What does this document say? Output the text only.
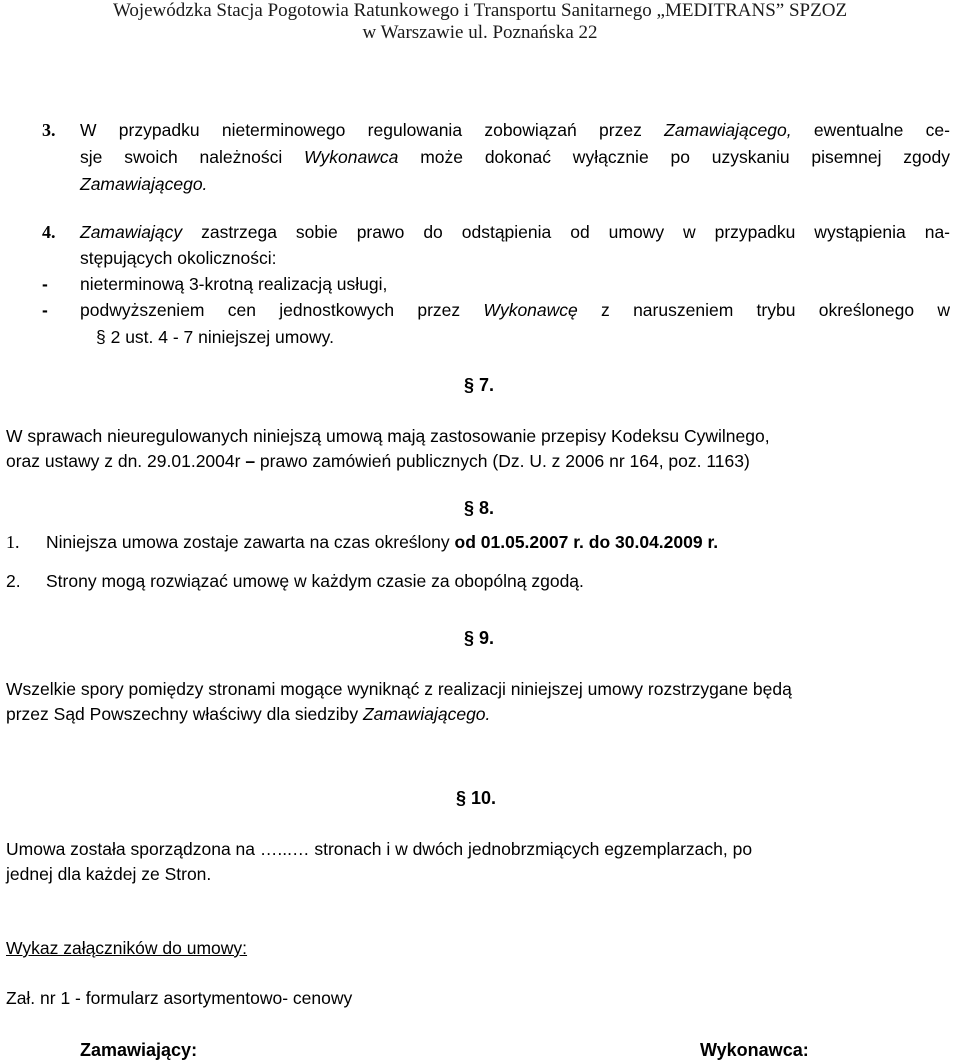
Wojewódzka Stacja Pogotowia Ratunkowego i Transportu Sanitarnego „MEDITRANS” SPZOZ
w Warszawie ul. Poznańska 22
3. W przypadku nieterminowego regulowania zobowiązań przez Zamawiającego, ewentualne ce-
sje swoich należności Wykonawca może dokonać wyłącznie po uzyskaniu pisemnej zgody
Zamawiającego.
4. Zamawiający zastrzega sobie prawo do odstąpienia od umowy w przypadku wystąpienia na-
stępujących okoliczności:
- nieterminową 3-krotną realizacją usługi,
- podwyższeniem cen jednostkowych przez Wykonawcę z naruszeniem trybu określonego w
§ 2 ust. 4 - 7 niniejszej umowy.
§ 7.
W sprawach nieuregulowanych niniejszą umową mają zastosowanie przepisy Kodeksu Cywilnego,
oraz ustawy z dn. 29.01.2004r – prawo zamówień publicznych (Dz. U. z 2006 nr 164, poz. 1163)
§ 8.
1. Niniejsza umowa zostaje zawarta na czas określony od 01.05.2007 r. do 30.04.2009 r.
2. Strony mogą rozwiązać umowę w każdym czasie za obopólną zgodą.
§ 9.
Wszelkie spory pomiędzy stronami mogące wyniknąć z realizacji niniejszej umowy rozstrzygane będą
przez Sąd Powszechny właściwy dla siedziby Zamawiającego.
§ 10.
Umowa została sporządzona na …...… stronach i w dwóch jednobrzmiących egzemplarzach, po
jednej dla każdej ze Stron.
Wykaz załączników do umowy:
Zał. nr 1 - formularz asortymentowo- cenowy
Zamawiający:	Wykonawca:
